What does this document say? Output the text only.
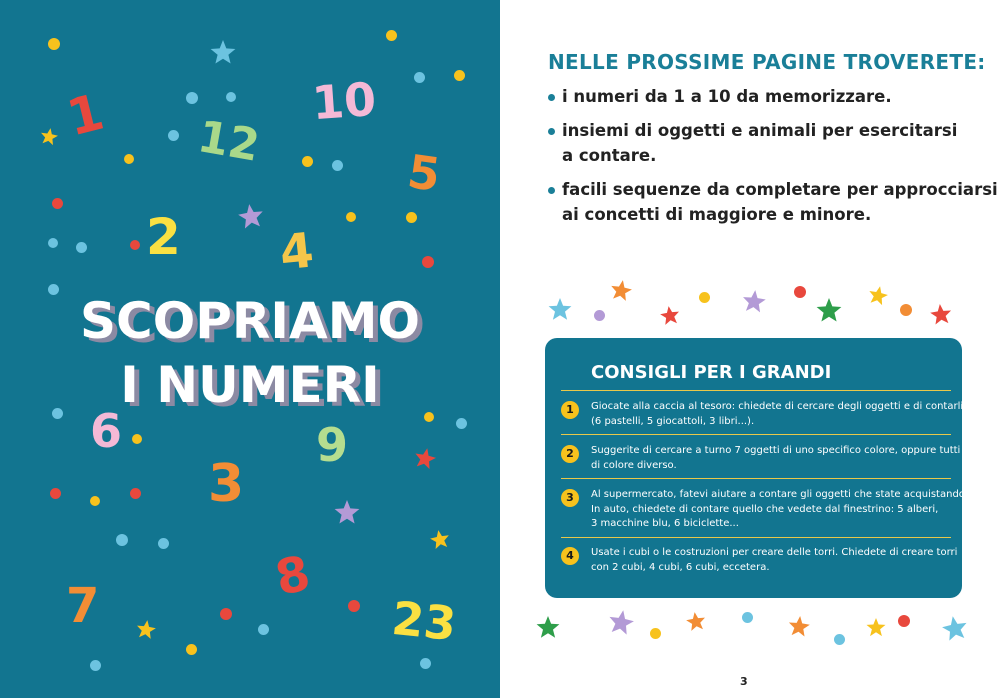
1 12
10
5
2 4
6	9
3
8
7	23
SCOPRIAMO
I NUMERI
NELLE PROSSIME PAGINE TROVERETE:
i numeri da 1 a 10 da memorizzare.
insiemi di oggetti e animali per esercitarsi
a contare.
facili sequenze da completare per approcciarsi
ai concetti di maggiore e minore.
CONSIGLI PER I GRANDI
1	Giocate alla caccia al tesoro: chiedete di cercare degli oggetti e di contarli
(6 pastelli, 5 giocattoli, 3 libri...).
2	Suggerite di cercare a turno 7 oggetti di uno specifico colore, oppure tutti
di colore diverso.
3	Al supermercato, fatevi aiutare a contare gli oggetti che state acquistando.
In auto, chiedete di contare quello che vedete dal finestrino: 5 alberi,
3 macchine blu, 6 biciclette...
4	Usate i cubi o le costruzioni per creare delle torri. Chiedete di creare torri
con 2 cubi, 4 cubi, 6 cubi, eccetera.
3
